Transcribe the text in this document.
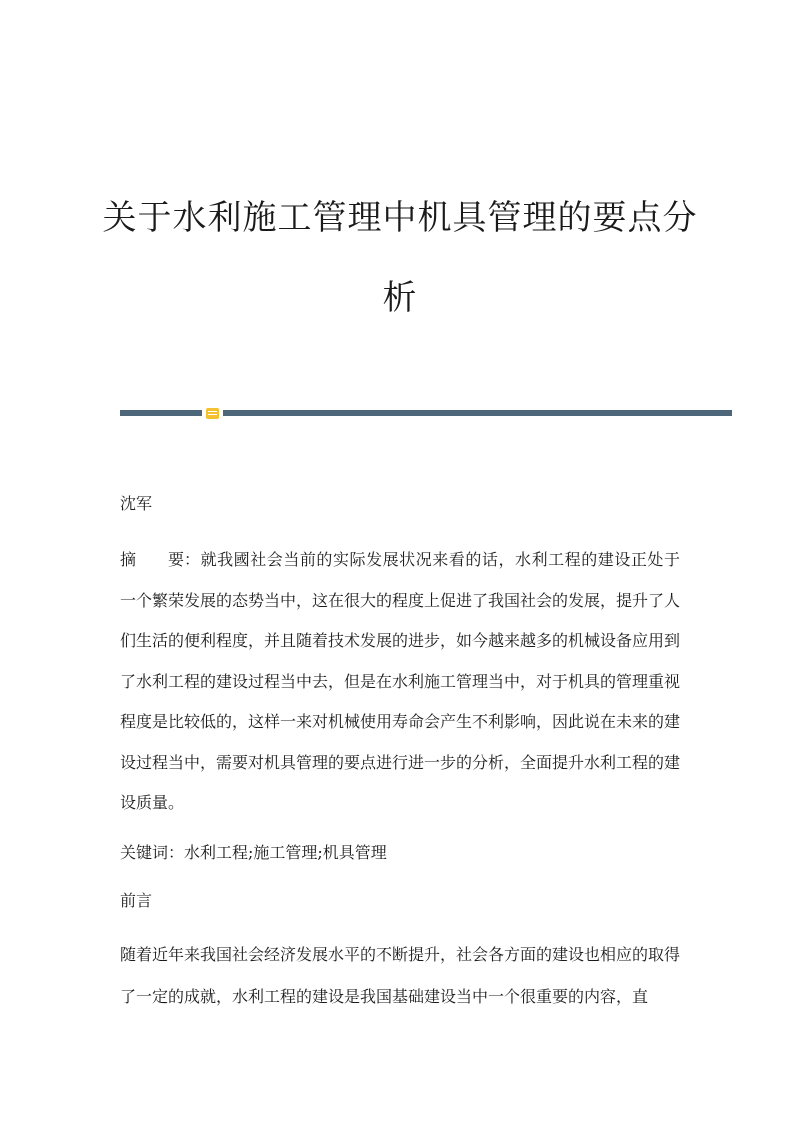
关于水利施工管理中机具管理的要点分
析

沈军

摘　　要：就我國社会当前的实际发展状况来看的话，水利工程的建设正处于一个繁荣发展的态势当中，这在很大的程度上促进了我国社会的发展，提升了人们生活的便利程度，并且随着技术发展的进步，如今越来越多的机械设备应用到了水利工程的建设过程当中去，但是在水利施工管理当中，对于机具的管理重视程度是比较低的，这样一来对机械使用寿命会产生不利影响，因此说在未来的建设过程当中，需要对机具管理的要点进行进一步的分析，全面提升水利工程的建设质量。

关键词：水利工程;施工管理;机具管理

前言

随着近年来我国社会经济发展水平的不断提升，社会各方面的建设也相应的取得了一定的成就，水利工程的建设是我国基础建设当中一个很重要的内容，直
